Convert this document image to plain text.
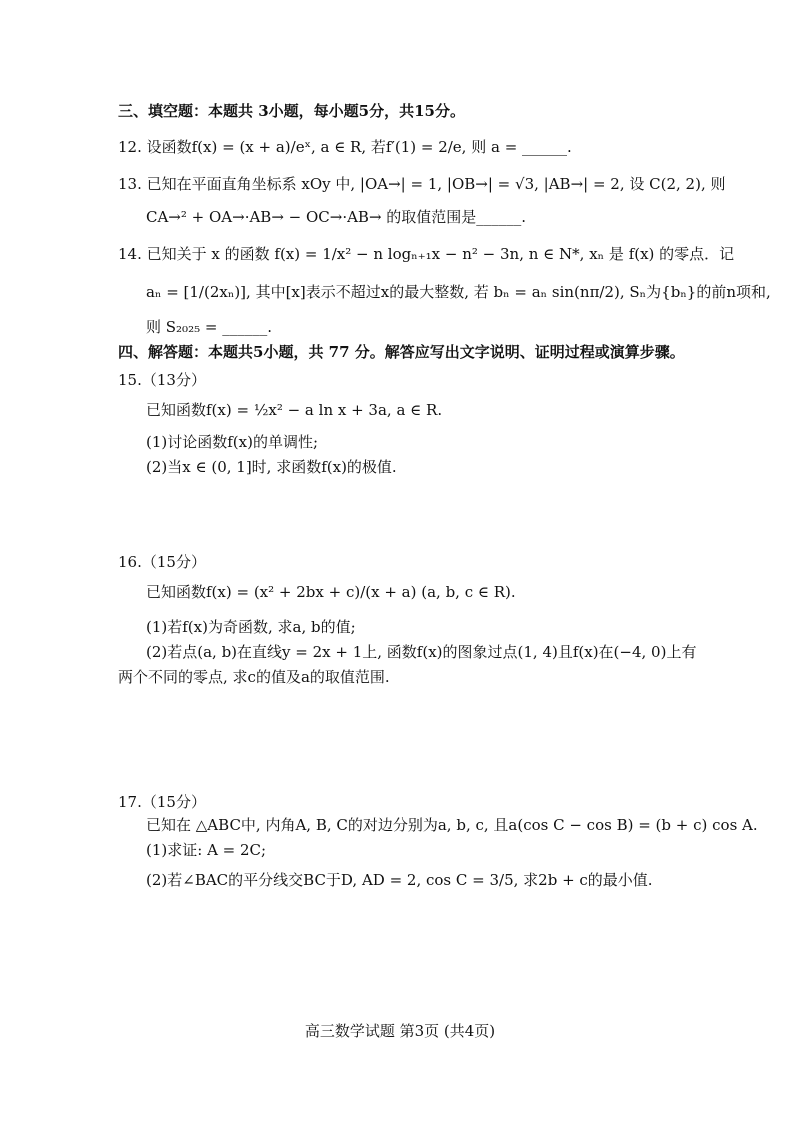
三、填空题：本题共 3小题，每小题5分，共15分。
12. 设函数f(x) = (x + a)/eˣ, a ∈ R, 若f′(1) = 2/e, 则 a = ______.
13. 已知在平面直角坐标系 xOy 中, |OA→| = 1, |OB→| = √3, |AB→| = 2, 设 C(2, 2), 则
CA→² + OA→·AB→ − OC→·AB→ 的取值范围是______.
14. 已知关于 x 的函数 f(x) = 1/x² − n logₙ₊₁x − n² − 3n, n ∈ N*, xₙ 是 f(x) 的零点．记
aₙ = [1/(2xₙ)], 其中[x]表示不超过x的最大整数, 若 bₙ = aₙ sin(nπ/2), Sₙ为{bₙ}的前n项和,
则 S₂₀₂₅ = ______.
四、解答题：本题共5小题，共 77 分。解答应写出文字说明、证明过程或演算步骤。
15.（13分）
已知函数f(x) = ½x² − a ln x + 3a, a ∈ R.
(1)讨论函数f(x)的单调性;
(2)当x ∈ (0, 1]时, 求函数f(x)的极值.
16.（15分）
已知函数f(x) = (x² + 2bx + c)/(x + a) (a, b, c ∈ R).
(1)若f(x)为奇函数, 求a, b的值;
(2)若点(a, b)在直线y = 2x + 1上, 函数f(x)的图象过点(1, 4)且f(x)在(−4, 0)上有
两个不同的零点, 求c的值及a的取值范围.
17.（15分）
已知在 △ABC中, 内角A, B, C的对边分别为a, b, c, 且a(cos C − cos B) = (b + c) cos A.
(1)求证: A = 2C;
(2)若∠BAC的平分线交BC于D, AD = 2, cos C = 3/5, 求2b + c的最小值.
高三数学试题 第3页 (共4页)
